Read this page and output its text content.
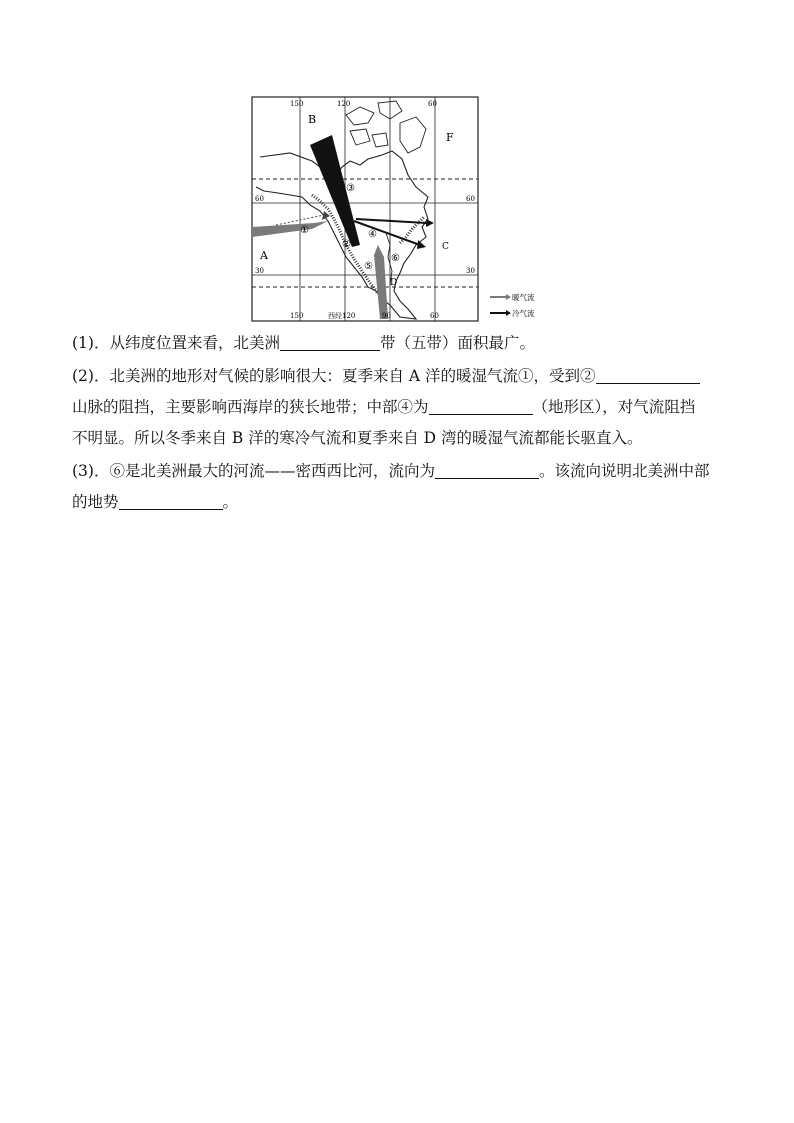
A
B
C
D
F
150	120	60
150	西经120	90	60
60
30
60
30
①
②
③
④
⑤
⑥
暖气流
冷气流
(1)．从纬度位置来看，北美洲	带（五带）面积最广。
(2)．北美洲的地形对气候的影响很大：夏季来自 A 洋的暖湿气流①，受到②
山脉的阻挡，主要影响西海岸的狭长地带；中部④为	（地形区），对气流阻挡
不明显。所以冬季来自 B 洋的寒冷气流和夏季来自 D 湾的暖湿气流都能长驱直入。
(3)．⑥是北美洲最大的河流——密西西比河，流向为	。该流向说明北美洲中部
的地势	。
